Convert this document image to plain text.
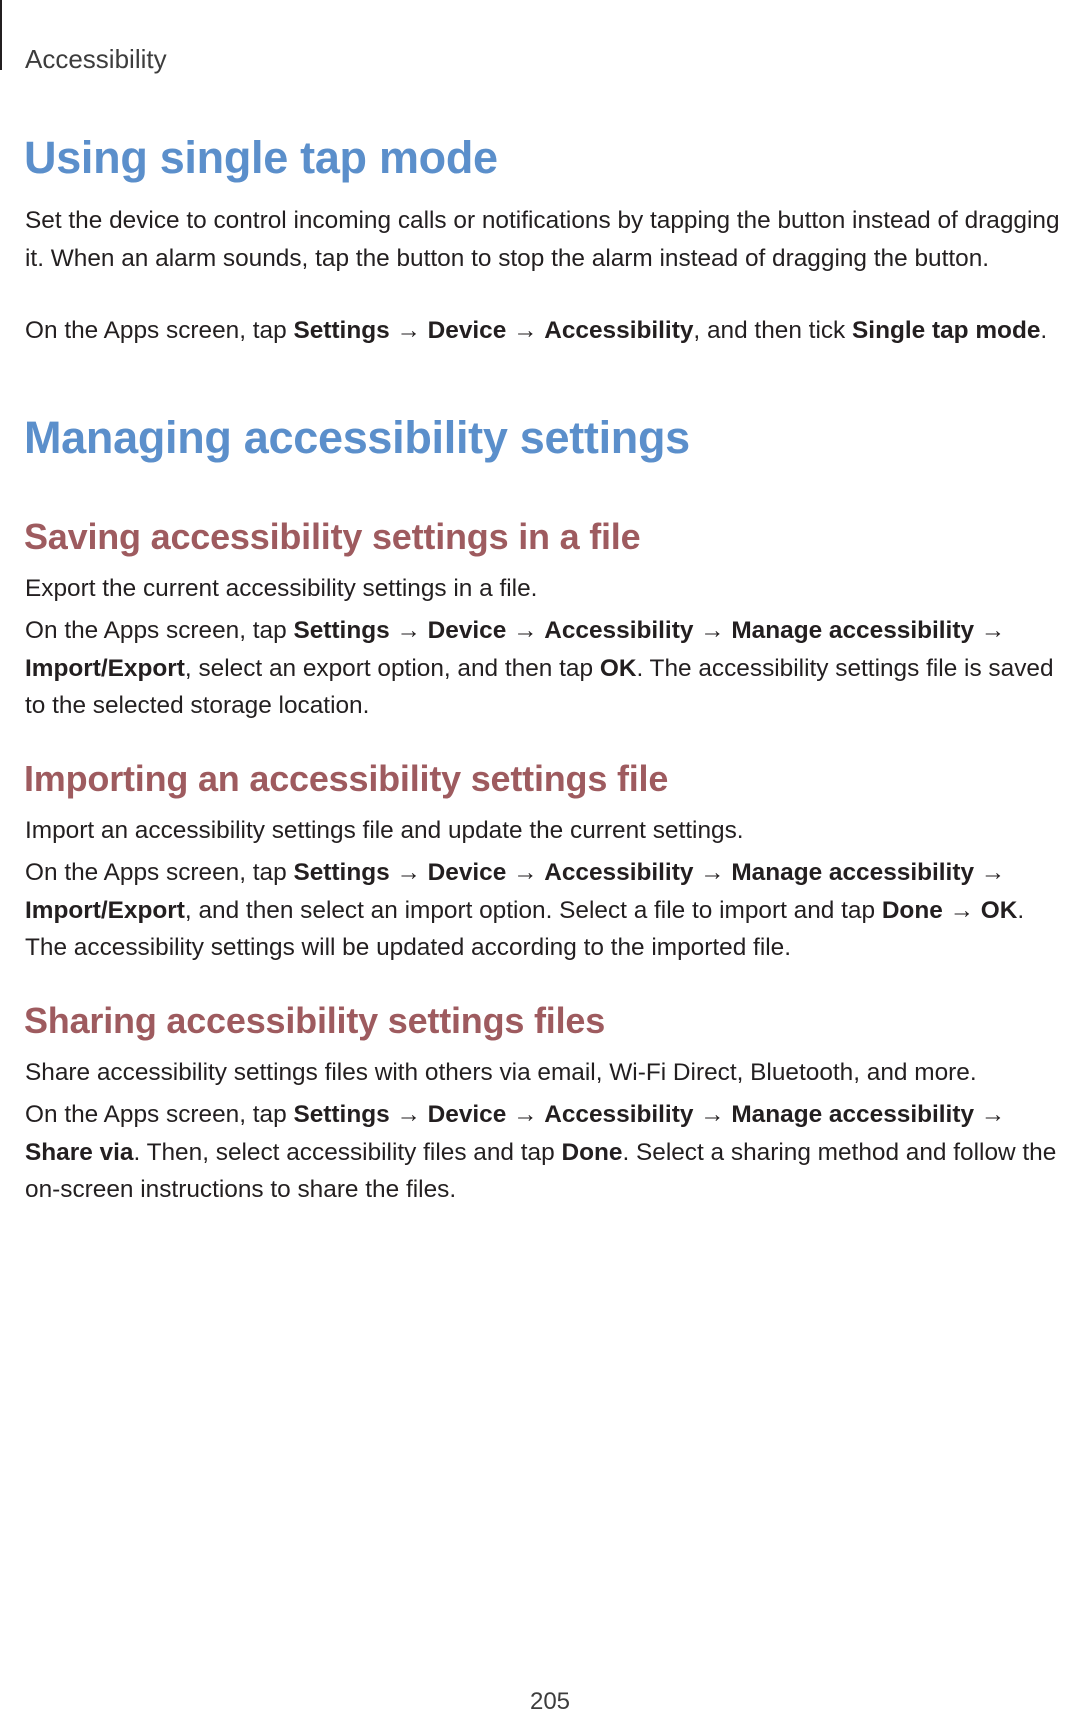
Accessibility

Using single tap mode

Set the device to control incoming calls or notifications by tapping the button instead of dragging it. When an alarm sounds, tap the button to stop the alarm instead of dragging the button.

On the Apps screen, tap Settings → Device → Accessibility, and then tick Single tap mode.

Managing accessibility settings
Saving accessibility settings in a file

Export the current accessibility settings in a file.

On the Apps screen, tap Settings → Device → Accessibility → Manage accessibility → Import/Export, select an export option, and then tap OK. The accessibility settings file is saved to the selected storage location.

Importing an accessibility settings file

Import an accessibility settings file and update the current settings.

On the Apps screen, tap Settings → Device → Accessibility → Manage accessibility → Import/Export, and then select an import option. Select a file to import and tap Done → OK. The accessibility settings will be updated according to the imported file.

Sharing accessibility settings files

Share accessibility settings files with others via email, Wi-Fi Direct, Bluetooth, and more.

On the Apps screen, tap Settings → Device → Accessibility → Manage accessibility → Share via. Then, select accessibility files and tap Done. Select a sharing method and follow the on-screen instructions to share the files.

205
